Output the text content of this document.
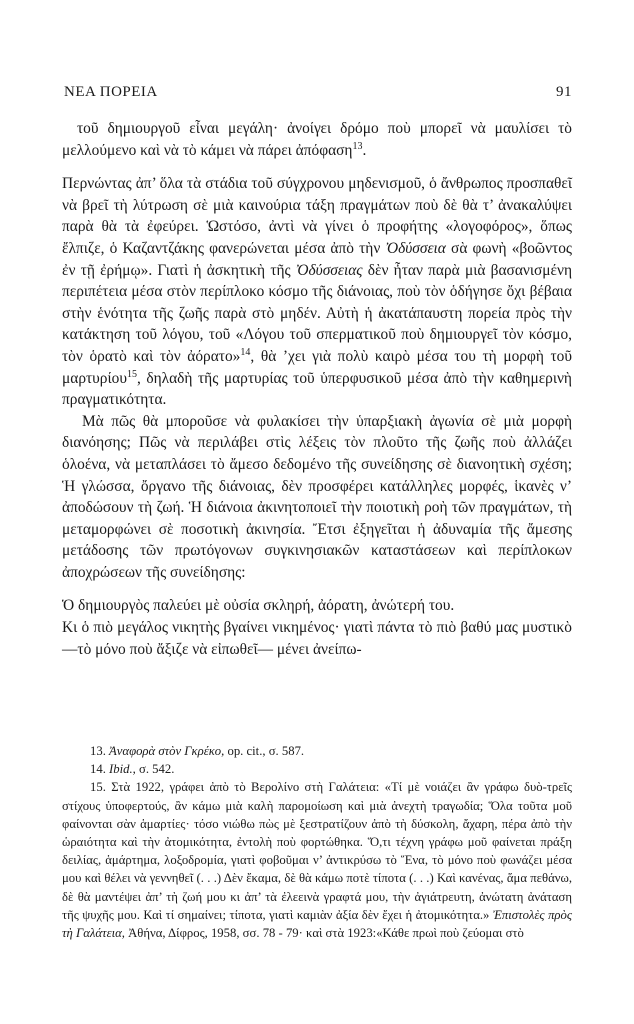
ΝΕΑ ΠΟΡΕΙΑ	91

τοῦ δημιουργοῦ εἶναι μεγάλη· ἀνοίγει δρόμο ποὺ μπορεῖ νὰ μαυλίσει τὸ μελλούμενο καὶ νὰ τὸ κάμει νὰ πάρει ἀπόφαση$^{13}$.

Περνώντας ἀπ’ ὅλα τὰ στάδια τοῦ σύγχρονου μηδενισμοῦ, ὁ ἄνθρωπος προσπαθεῖ νὰ βρεῖ τὴ λύτρωση σὲ μιὰ καινούρια τάξη πραγμάτων ποὺ δὲ θὰ τ’ ἀνακαλύψει παρὰ θὰ τὰ ἐφεύρει. Ὡστόσο, ἀντὶ νὰ γίνει ὁ προφήτης «λογοφόρος», ὅπως ἔλπιζε, ὁ Καζαντζάκης φανερώνεται μέσα ἀπὸ τὴν Ὀδύσσεια σὰ φωνὴ «βοῶντος ἐν τῇ ἐρήμῳ». Γιατὶ ἡ ἀσκητικὴ τῆς Ὀδύσσειας δὲν ἦταν παρὰ μιὰ βασανισμένη περιπέτεια μέσα στὸν περίπλοκο κόσμο τῆς διάνοιας, ποὺ τὸν ὁδήγησε ὄχι βέβαια στὴν ἑνότητα τῆς ζωῆς παρὰ στὸ μηδέν. Αὐτὴ ἡ ἀκατάπαυστη πορεία πρὸς τὴν κατάκτηση τοῦ λόγου, τοῦ «Λόγου τοῦ σπερματικοῦ ποὺ δημιουργεῖ τὸν κόσμο, τὸν ὁρατὸ καὶ τὸν ἀόρατο»$^{14}$, θὰ ’χει γιὰ πολὺ καιρὸ μέσα του τὴ μορφὴ τοῦ μαρτυρίου$^{15}$, δηλαδὴ τῆς μαρτυρίας τοῦ ὑπερφυσικοῦ μέσα ἀπὸ τὴν καθημερινὴ πραγματικότητα.

Μὰ πῶς θὰ μποροῦσε νὰ φυλακίσει τὴν ὑπαρξιακὴ ἀγωνία σὲ μιὰ μορφὴ διανόησης; Πῶς νὰ περιλάβει στὶς λέξεις τὸν πλοῦτο τῆς ζωῆς ποὺ ἀλλάζει ὁλοένα, νὰ μεταπλάσει τὸ ἄμεσο δεδομένο τῆς συνείδησης σὲ διανοητικὴ σχέση; Ἡ γλώσσα, ὄργανο τῆς διάνοιας, δὲν προσφέρει κατάλληλες μορφές, ἱκανὲς ν’ ἀποδώσουν τὴ ζωή. Ἡ διάνοια ἀκινητοποιεῖ τὴν ποιοτικὴ ροὴ τῶν πραγμάτων, τὴ μεταμορφώνει σὲ ποσοτικὴ ἀκινησία. Ἔτσι ἐξηγεῖται ἡ ἀδυναμία τῆς ἄμεσης μετάδοσης τῶν πρωτόγονων συγκινησιακῶν καταστάσεων καὶ περίπλοκων ἀποχρώσεων τῆς συνείδησης:

Ὁ δημιουργὸς παλεύει μὲ οὐσία σκληρή, ἀόρατη, ἀνώτερή του.

Κι ὁ πιὸ μεγάλος νικητὴς βγαίνει νικημένος· γιατὶ πάντα τὸ πιὸ βαθύ μας μυστικὸ —τὸ μόνο ποὺ ἄξιζε νὰ εἰπωθεῖ— μένει ἀνείπω-

13. Ἀναφορὰ στὸν Γκρέκο, op. cit., σ. 587.

14. Ibid., σ. 542.

15. Στὰ 1922, γράφει ἀπὸ τὸ Βερολίνο στὴ Γαλάτεια: «Τί μὲ νοιάζει ἂν γράφω δυὸ-τρεῖς στίχους ὑποφερτούς, ἂν κάμω μιὰ καλὴ παρομοίωση καὶ μιὰ ἀνεχτὴ τραγωδία; Ὅλα τοῦτα μοῦ φαίνονται σὰν ἁμαρτίες· τόσο νιώθω πὼς μὲ ξεστρατίζουν ἀπὸ τὴ δύσκολη, ἄχαρη, πέρα ἀπὸ τὴν ὡραιότητα καὶ τὴν ἀτομικότητα, ἐντολὴ ποὺ φορτώθηκα. Ὅ,τι τέχνη γράφω μοῦ φαίνεται πράξη δειλίας, ἁμάρτημα, λοξοδρομία, γιατὶ φοβοῦμαι ν’ ἀντικρύσω τὸ Ἕνα, τὸ μόνο ποὺ φωνάζει μέσα μου καὶ θέλει νὰ γεννηθεῖ (. . .) Δὲν ἔκαμα, δὲ θὰ κάμω ποτὲ τίποτα (. . .) Καὶ κανένας, ἅμα πεθάνω, δὲ θὰ μαντέψει ἀπ’ τὴ ζωή μου κι ἀπ’ τὰ ἐλεεινὰ γραφτά μου, τὴν ἀγιάτρευτη, ἀνώτατη ἀνάταση τῆς ψυχῆς μου. Καὶ τί σημαίνει; τίποτα, γιατὶ καμιὰν ἀξία δὲν ἔχει ἡ ἀτομικότητα.» Ἐπιστολὲς πρὸς τὴ Γαλάτεια, Ἀθήνα, Δίφρος, 1958, σσ. 78 - 79· καὶ στὰ 1923:«Κάθε πρωὶ ποὺ ζεύομαι στὸ
